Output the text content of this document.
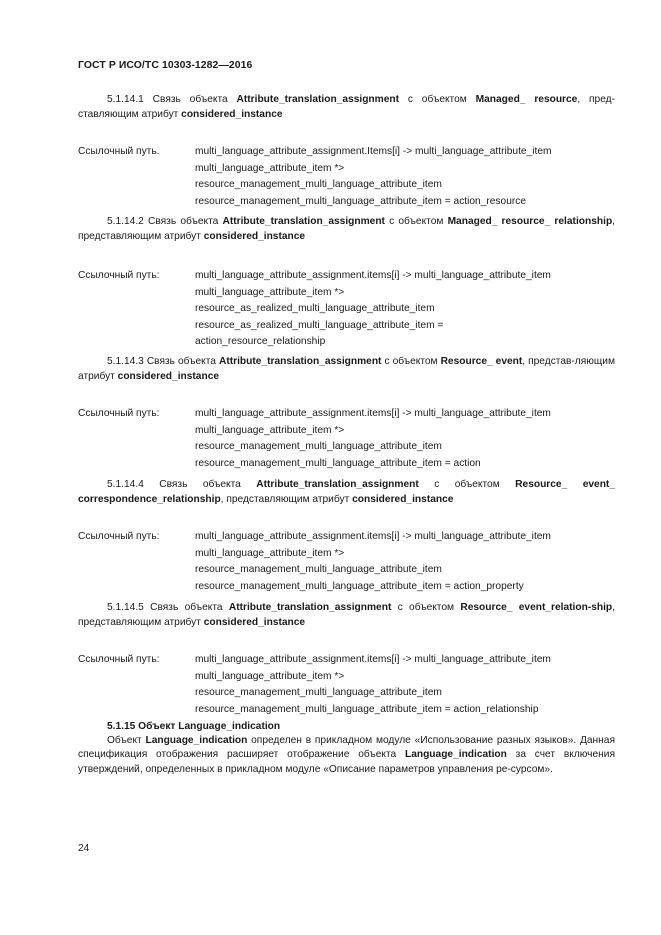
ГОСТ Р ИСО/ТС 10303-1282—2016

5.1.14.1 Связь объекта Attribute_translation_assignment с объектом Managed_ resource, пред-ставляющим атрибут considered_instance

Ссылочный путь.	multi_language_attribute_assignment.Items[i] -> multi_language_attribute_item
multi_language_attribute_item *>
resource_management_multi_language_attribute_item
resource_management_multi_language_attribute_item = action_resource

5.1.14.2 Связь объекта Attribute_translation_assignment с объектом Managed_ resource_ relationship, представляющим атрибут considered_instance

Ссылочный путь:	multi_language_attribute_assignment.items[i] -> multi_language_attribute_item
multi_language_attribute_item *>
resource_as_realized_multi_language_attribute_item
resource_as_realized_multi_language_attribute_item =
action_resource_relationship

5.1.14.3 Связь объекта Attribute_translation_assignment с объектом Resource_ event, представ-ляющим атрибут considered_instance

Ссылочный путь:	multi_language_attribute_assignment.items[i] -> multi_language_attribute_item
multi_language_attribute_item *>
resource_management_multi_language_attribute_item
resource_management_multi_language_attribute_item = action

5.1.14.4 Связь объекта Attribute_translation_assignment с объектом Resource_ event_ correspondence_relationship, представляющим атрибут considered_instance

Ссылочный путь:	multi_language_attribute_assignment.items[i] -> multi_language_attribute_item
multi_language_attribute_item *>
resource_management_multi_language_attribute_item
resource_management_multi_language_attribute_item = action_property

5.1.14.5 Связь объекта Attribute_translation_assignment с объектом Resource_ event_relation-ship, представляющим атрибут considered_instance

Ссылочный путь:	multi_language_attribute_assignment.items[i] -> multi_language_attribute_item
multi_language_attribute_item *>
resource_management_multi_language_attribute_item
resource_management_multi_language_attribute_item = action_relationship

5.1.15 Объект Language_indication

Объект Language_indication определен в прикладном модуле «Использование разных языков». Данная спецификация отображения расширяет отображение объекта Language_indication за счет включения утверждений, определенных в прикладном модуле «Описание параметров управления ре-сурсом».

24
